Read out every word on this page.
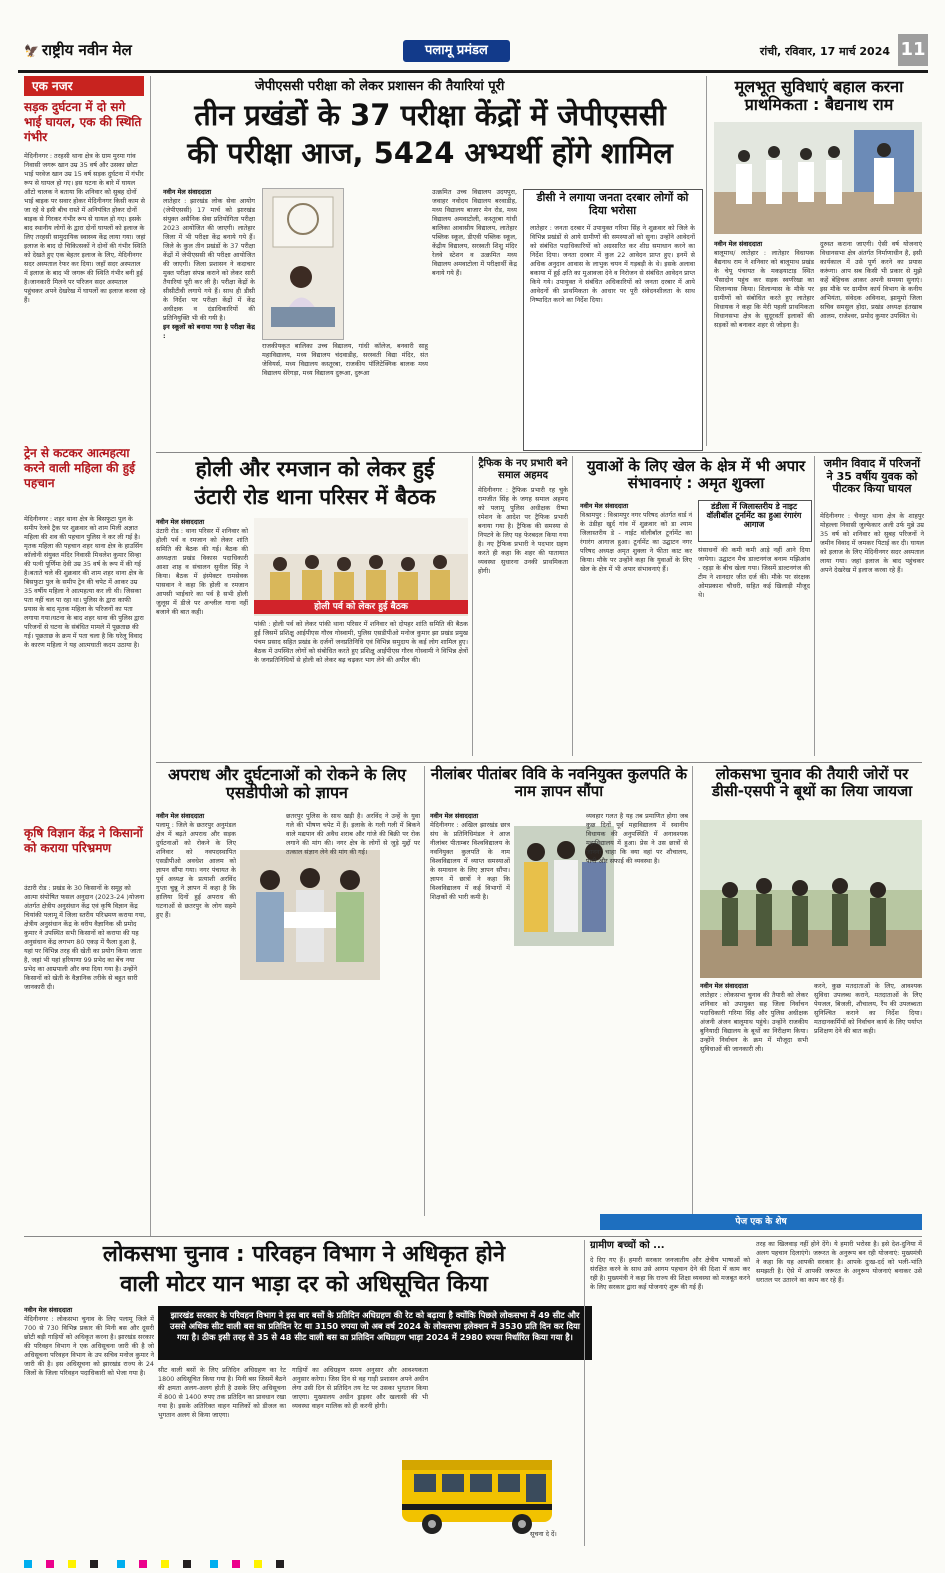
🦅 राष्ट्रीय नवीन मेल	पलामू प्रमंडल	रांची, रविवार, 17 मार्च 2024 11
एक नजर
सड़क दुर्घटना में दो सगे भाई घायल, एक की स्थिति गंभीर
मेदिनीनगर : तरहसी थाना क्षेत्र के ग्राम मुरमा गांव निवासी जगरू खान उम्र 35 वर्ष और उसका छोटा भाई परवेज खान उम्र 15 वर्ष सड़क दुर्घटना में गंभीर रूप से घायल हो गए। इस घटना के बारे में घायल ऑटो चालक ने बताया कि शनिवार को सुबह दोनों भाई बाइक पर सवार होकर मेदिनीनगर किसी काम से जा रहे थे इसी बीच रास्ते में अनियंत्रित होकर दोनों बाइक से गिरकर गंभीर रूप से घायल हो गए। इसके बाद स्थानीय लोगों के द्वारा दोनों घायलों को इलाज के लिए तरहसी सामुदायिक स्वास्थ्य केंद्र लाया गया। जहां इलाज के बाद दो चिकित्सकों ने दोनों की गंभीर स्थिति को देखते हुए एक बेहतर इलाज के लिए, मेदिनीनगर सदर अस्पताल रेफर कर दिया। जहाँ सदर अस्पताल में इलाज के बाद भी जगरू की स्थिति गंभीर बनी हुई है।जानकारी मिलने पर परिजन सदर अस्पताल पहुंचकर अपने देखरेख में घायलों का इलाज करवा रहे हैं।
ट्रेन से कटकर आत्महत्या करने वाली महिला की हुई पहचान
मेदिनीनगर : शहर थाना क्षेत्र के बिसफुटा पुल के समीप रेलवे ट्रैक पर शुक्रवार को शाम मिली अज्ञात महिला की शव की पहचान पुलिस ने कर ली गई है।मृतक महिला की पहचान शहर थाना क्षेत्र के हाउसिंग कॉलोनी संयुक्त मंदिर निवासी मिथलेश कुमार सिन्हा की पत्नी पूर्णिमा देवी उम्र 35 वर्ष के रूप में की गई है।बताते चले की शुक्रवार की शाम शहर थाना क्षेत्र के बिसफुटा पुल के समीप ट्रेन की चपेट में आकर उम्र 35 वर्षीय महिला ने आत्महत्या कर ली थी। जिसका पता नहीं चल पा रहा था। पुलिस के द्वारा काफी प्रयास के बाद मृतक महिला के परिजनों का पता लगाया गया।घटना के बाद शहर थाना की पुलिस द्वारा परिजनों से घटना के संबंधित मामले में पूछताछ की गई। पूछताछ के क्रम में पता चला है कि घरेलू विवाद के कारण महिला ने यह आत्मघाती कदम उठाया है।
कृषि विज्ञान केंद्र ने किसानों को कराया परिभ्रमण
उंटारी रोड : प्रखंड के 30 किसानों के समूह को आत्मा संपोषित फसल अनुदान (2023-24 )योजना अंतर्गत क्षेत्रीय अनुसंधान केंद्र एवं कृषि विज्ञान केंद्र चियांकी पलामू में जिला स्तरीय परिभ्रमण कराया गया, क्षेत्रीय अनुसंधान केंद्र के वरीय वैज्ञानिक श्री प्रमोद कुमार ने उपस्थित सभी किसानों को कराया की यह अनुसंधान केंद्र लगभग 80 एकड़ में फैला हुआ है, यहां पर विभिन्न तरह की खेती का प्रयोग किया जाता है, जहां भी यहां हरियाणा 99 प्रभेद का बेंच नया प्रभेद का आम्रपाली और क्या दिया गया है। उन्होंने किसानों को खेती के वैज्ञानिक तरीके से बहुत सारी जानकारी दी।
जेपीएससी परीक्षा को लेकर प्रशासन की तैयारियां पूरी
तीन प्रखंडों के 37 परीक्षा केंद्रों में जेपीएससी
की परीक्षा आज, 5424 अभ्यर्थी होंगे शामिल
नवीन मेल संवाददाता
लातेहार : झारखंड लोक सेवा आयोग (जेपीएससी) 17 मार्च को झारखंड संयुक्त असैनिक सेवा प्रतियोगिता परीक्षा 2023 आयोजित की जाएगी। लातेहार जिला में भी परीक्षा केंद्र बनाये गये हैं। जिले के कुल तीन प्रखंडों के 37 परीक्षा केंद्रों में जेपीएससी की परीक्षा आयोजित की जाएगी। जिला प्रशासन ने कदाचार मुक्त परीक्षा संपन्न कराने को लेकर सारी तैयारियां पूरी कर ली है। परीक्षा केंद्रों के सीसीटीवी लगाये गये हैं। साथ ही डीसी के निर्देश पर परीक्षा केंद्रों में केंद्र अधीक्षक व दंडाधिकारियों की प्रतिनियुक्ति भी की गयी है।
इन स्कूलों को बनाया गया है परीक्षा केंद्र :
राजकीयकृत बालिका उच्च विद्यालय, गांधी कॉलेज, बनवारी साहू महाविद्यालय, मध्य विद्यालय चंदवाडीह, सरस्वती विद्या मंदिर, संत जेवियर्स, मध्य विद्यालय कस्तूरबा, राजकीय पॉलिटेक्निक बालक मध्य विद्यालय सेरेगड़ा, मध्य विद्यालय दुरूआ, दुरूआ
उत्क्रमित उच्च विद्यालय उदयपुरा, जवाहर नवोदय विद्यालय बरवाडीह, मध्य विद्यालय बाजार मेन रोड, मध्य विद्यालय अमवाटोली, कस्तूरबा गांधी बालिका आवासीय विद्यालय, लातेहार पब्लिक स्कूल, डीएवी पब्लिक स्कूल, केंद्रीय विद्यालय, सरस्वती शिशु मंदिर रेलवे स्टेशन व उत्क्रमित मध्य विद्यालय अमवाटोला में परीक्षार्थी केंद्र बनाये गये हैं।
डीसी ने लगाया जनता दरबार लोगों को दिया भरोसा
लातेहार : जनता दरबार में उपायुक्त गरिमा सिंह ने शुक्रवार को जिले के विभिन्न प्रखंडों से आये ग्रामीणों की समस्याओं को सुना। उन्होंने आवेदनों को संबंधित पदाधिकारियों को अग्रसारित कर शीघ्र समाधान करने का निर्देश दिया। जनता दरबार में कुल 22 आवेदन प्राप्त हुए। इनमें से अधिक अनुदान आवास के लाभुक चयन में गड़बड़ी के थे। इसके अलावा बकाया में हुई क्षति का मुआवजा देने व निरोजन से संबंधित आवेदन प्राप्त किये गये। उपायुक्त ने संबंधित अधिकारियों को जनता दरबार में आये आवेदनों की प्राथमिकता के आधार पर पूरी संवेदनशीलता के साथ निष्पादित करने का निर्देश दिया।
मूलभूत सुविधाएं बहाल करना प्राथमिकता : बैद्यनाथ राम
नवीन मेल संवाददाता
बालूमाथ/ लातेहार : लातेहार विधायक बैद्यनाथ राम ने शनिवार को बालूमाथ प्रखंड के चेपू पंचायत के मकइयाटाड़ स्थित भैंसादोन पहुंच कर सड़क स्वर्णरेखा का शिलान्यास किया। शिलान्यास के मौके पर ग्रामीणों को संबोधित करते हुए लातेहार विधायक ने कहा कि मेरी पहली प्राथमिकता विधानसभा क्षेत्र के सुदूरवर्ती इलाकों की सड़कों को बनाकर शहर से जोड़ना है।
दुरुस्त कराना जाएगी। ऐसी वर्ष योजनाएं विधानसभा क्षेत्र अंतर्गत निर्माणाधीन है, इसी कार्यकाल में उसे पूर्ण करने का प्रयास करूंगा। आप सब किसी भी प्रकार से मुझे कहें बेहिचक आकर अपनी समस्या सुनाएं। इस मौके पर ग्रामीण कार्य विभाग के कनीय अभियंता, संवेदक अविनाश, झामुमो जिला सचिव समसुल होदा, प्रखंड अध्यक्ष इंतखाब आलम, राजेश्वर, प्रमोद कुमार उपस्थित थे।
होली और रमजान को लेकर हुई
उंटारी रोड थाना परिसर में बैठक
नवीन मेल संवाददाता
उंटारी रोड : थाना परिसर में शनिवार को होली पर्व व रमजान को लेकर शांति समिति की बैठक की गई। बैठक की अध्यक्षता प्रखंड विकास पदाधिकारी आशा शाह व संचालन सुनील सिंह ने किया। बैठक में इंस्पेक्टर रामसेवक पासवान ने कहा कि होली व रमजान आपसी भाईचारे का पर्व है सभी होली जुलूस में डीजे पर अश्लील गाना नहीं बजाने की बात कही।	होली पर्व को लेकर हुई बैठक
पांकी : होली पर्व को लेकर पांकी थाना परिसर में शनिवार को दोपहर शांति समिति की बैठक हुई जिसमें प्रशिक्षु आईपीएस गौरव गोस्वामी, पुलिस एसडीपीओ मनोज कुमार झा प्रखंड प्रमुख पंचम प्रसाद सहित प्रखंड के दर्जनों जनप्रतिनिधि एवं विभिन्न समुदाय के कई लोग शामिल हुए। बैठक में उपस्थित लोगों को संबोधित करते हुए प्रशिक्षु आईपीएस गौरव गोस्वामी ने विभिन्न क्षेत्रों के जनप्रतिनिधियों से होली को लेकर बढ़ चढ़कर भाग लेने की अपील की।
ट्रैफिक के नए प्रभारी बने समाल अहमद
मेदिनीनगर : ट्रैफिक प्रभारी रह चुके रामजीत सिंह के जगह समाल अहमद को पलामू पुलिस अधीक्षक रीष्मा रमेशन के आदेश पर ट्रैफिक प्रभारी बनाया गया है। ट्रैफिक की समस्या से निपटने के लिए यह फेरबदल किया गया है। नए ट्रैफिक प्रभारी ने पदभार ग्रहण करते ही कहा कि शहर की यातायात व्यवस्था सुधारना उनकी प्राथमिकता होगी।
युवाओं के लिए खेल के क्षेत्र में भी अपार संभावनाएं : अमृत शुक्ला
नवीन मेल संवाददाता
विश्रामपुर : विश्रामपुर नगर परिषद अंतर्गत वार्ड नं के उंडीहा खुर्द गांव में शुक्रवार को डा श्याम जिलास्तरीय डे - नाईट वॉलीबॉल टूर्नामेंट का रंगारंग आगाज हुआ। टूर्नामेंट का उद्घाटन नगर परिषद अध्यक्ष अमृत शुक्ला ने फीता काट कर किया। मौके पर उन्होंने कहा कि युवाओं के लिए खेल के क्षेत्र में भी अपार संभावनाएं हैं।
डंडीला में जिलास्तरीय डे नाइट वॉलीबॉल टूर्नामेंट का हुआ रंगारंग आगाज
संसाधनों की कमी कमी आड़े नहीं आने दिया जायेगा। उद्घाटन मैच डाल्टनगंज बनाम मझिआंव - रहड़ा के बीच खेला गया। जिसमें डाल्टनगंज की टीम ने शानदार जीत दर्ज की। मौके पर संरक्षक ओमप्रकाश चौधरी, सहित कई खिलाड़ी मौजूद थे।
जमीन विवाद में परिजनों ने 35 वर्षीय युवक को पीटकर किया घायल
मेदिनीनगर : चैनपुर थाना क्षेत्र के शाहपुर मोहल्ला निवासी जुल्फेकार अली उर्फ मुन्ने उम्र 35 वर्ष को शनिवार को सुबह परिजनों ने जमीन विवाद में जमकर पिटाई कर दी। घायल को इलाज के लिए मेदिनीनगर सदर अस्पताल लाया गया। जहां इलाज के बाद पहुंचकर अपने देखरेख में इलाज करवा रहे हैं।
अपराध और दुर्घटनाओं को रोकने के लिए एसडीपीओ को ज्ञापन
नवीन मेल संवाददाता
पलामू : जिले के छतरपुर अनुमंडल क्षेत्र में बढ़ते अपराध और सड़क दुर्घटनाओं को रोकने के लिए शनिवार को नवपदस्थापित एसडीपीओ अवधेश आलम को ज्ञापन सौंपा गया। नगर पंचायत के पूर्व अध्यक्ष के प्रत्याशी अरविंद गुप्ता चुन्नू ने ज्ञापन में कहा है कि हालिया दिनों हुई अपराध की घटनाओं से छतरपुर के लोग सहमे हुए हैं।
छतरपुर पुलिस के साथ खड़ी है। अरविंद ने उन्हें के युवा गले की भीषण चपेट में हैं। इलाके के गली गली में बिकने वाले मद्यपान की अवैध शराब और गांजे की बिक्री पर रोक लगाने की मांग की। नगर क्षेत्र के लोगों से जुड़े मुद्दों पर तत्काल संज्ञान लेने की मांग की गई।
नीलांबर पीतांबर विवि के नवनियुक्त कुलपति के नाम ज्ञापन सौंपा
नवीन मेल संवाददाता
मेदिनीनगर : अखिल झारखंड छात्र संघ के प्रतिनिधिमंडल ने आज नीलांबर पीताम्बर विश्वविद्यालय के नवनियुक्त कुलपति के नाम विश्वविद्यालय में व्याप्त समस्याओं के समाधान के लिए ज्ञापन सौंपा। ज्ञापन में छात्रों ने कहा कि विश्वविद्यालय में कई विभागों में शिक्षकों की भारी कमी है।
व्यवहार गलत है यह तब प्रमाणित होगा जब कुछ दिनों पूर्व महाविद्यालय में स्थानीय विधायक की अनुपस्थिति में अनावश्यक महाविद्यालय में हुआ। प्रेस ने उस छात्रों से जानना चाहा कि क्या वहां पर शौचालय, पानी और सफाई की व्यवस्था है।
लोकसभा चुनाव की तैयारी जोरों पर डीसी-एसपी ने बूथों का लिया जायजा
नवीन मेल संवाददाता
लातेहार : लोकसभा चुनाव की तैयारी को लेकर शनिवार को उपायुक्त सह जिला निर्वाचन पदाधिकारी गरिमा सिंह और पुलिस अधीक्षक अंजनी अंजन बालूमाथ पहुंचे। उन्होंने राजकीय बुनियादी विद्यालय के बूथों का निरीक्षण किया। उन्होंने निर्वाचन के क्रम में मौजूदा सभी सुविधाओं की जानकारी ली।
करने, कुछ मतदाताओं के लिए, आवश्यक सुविधा उपलब्ध कराने, मतदाताओं के लिए पेयजल, बिजली, शौचालय, रैंप की उपलब्धता सुनिश्चित कराने का निर्देश दिया। मतदानकर्मियों को निर्वाचन कार्य के लिए पर्याप्त प्रशिक्षण देने की बात कही।
पेज एक के शेष
लोकसभा चुनाव : परिवहन विभाग ने अधिकृत होने
वाली मोटर यान भाड़ा दर को अधिसूचित किया
नवीन मेल संवाददाता
मेदिनीनगर : लोकसभा चुनाव के लिए पलामू जिले में 700 से 730 विभिन्न प्रकार की मिनी बस और दूसरी छोटी बड़ी गाड़ियों को अधिकृत करना है। झारखंड सरकार की परिवहन विभाग ने एक अधिसूचना जारी की है जो अधिसूचना परिवहन विभाग के उप सचिव मनोज कुमार ने जारी की है। इस अधिसूचना को झारखंड राज्य के 24 जिलों के जिला परिवहन पदाधिकारी को भेजा गया है।
झारखंड सरकार के परिवहन विभाग ने इस बार बसों के प्रतिदिन अधिग्रहण की रेट को बढ़ाया है क्योंकि पिछले लोकसभा में 49 सीट और उससे अधिक सीट वाली बस का प्रतिदिन रेट था 3150 रुपया जो अब वर्ष 2024 के लोकसभा इलेक्शन में 3530 प्रति दिन कर दिया गया है। ठीक इसी तरह से 35 से 48 सीट वाली बस का प्रतिदिन अधिग्रहण भाड़ा 2024 में 2980 रुपया निर्धारित किया गया है।
सीट वाली बसों के लिए प्रतिदिन अधिग्रहण का रेट 1800 अधिसूचित किया गया है। मिनी बस जिसमें बैठने की क्षमता अलग-अलग होती है उसके लिए अधिसूचना में 800 से 1400 रुपए तक प्रतिदिन का प्रावधान रखा गया है। इसके अतिरिक्त वाहन मालिकों को डीजल का भुगतान अलग से किया जाएगा।
गाड़ियों का अधिग्रहण समय अनुसार और आवश्यकता अनुसार करेगा। जिस दिन से वह गाड़ी प्रशासन अपने अधीन लेगा उसी दिन से प्रतिदिन तय रेट पर उसका भुगतान किया जाएगा। मुख्यालय अधीन ड्राइवर और खलासी की भी व्यवस्था वाहन मालिक को ही करनी होगी।
सूचना दे दें।
ग्रामीण बच्चों को ...
दे दिए गए हैं। हमारी सरकार जनजातीय और क्षेत्रीय भाषाओं को संरक्षित करने के साथ उसे आगम पहचान देने की दिशा में काम कर रही है। मुख्यमंत्री ने कहा कि राज्य की शिक्षा व्यवस्था को मजबूत करने के लिए सरकार द्वारा कई योजनाएं शुरू की गई हैं।
तरह का खिलवाड़ नहीं होने देंगे। ये हमारी भरोसा है। इसे देश-दुनिया में अलग पहचान दिलाएंगे। जरूरत के अनुरूप बन रही योजनाएं: मुख्यमंत्री ने कहा कि यह आपकी सरकार है। आपके दुःख-दर्द को भली-भांति समझती है। ऐसे में आपकी जरूरत के अनुरूप योजनाएं बनाकर उसे धरातल पर उतारने का काम कर रहे हैं।
